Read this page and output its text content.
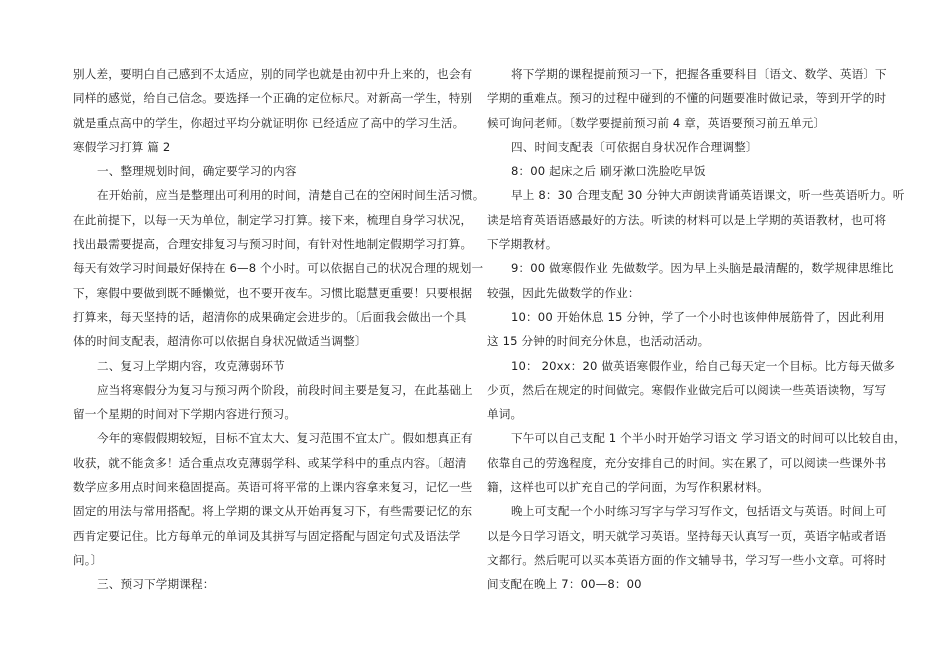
别人差，要明白自己感到不太适应，别的同学也就是由初中升上来的，也会有
同样的感觉，给自己信念。要选择一个正确的定位标尺。对新高一学生，特别
就是重点高中的学生，你超过平均分就证明你 已经适应了高中的学习生活。
寒假学习打算 篇 2
一、整理规划时间，确定要学习的内容
在开始前，应当是整理出可利用的时间，清楚自己在的空闲时间生活习惯。
在此前提下，以每一天为单位，制定学习打算。接下来，梳理自身学习状况，
找出最需要提高，合理安排复习与预习时间，有针对性地制定假期学习打算。
每天有效学习时间最好保持在 6—8 个小时。可以依据自己的状况合理的规划一
下，寒假中要做到既不睡懒觉，也不要开夜车。习惯比聪慧更重要！只要根据
打算来，每天坚持的话，超清你的成果确定会进步的。〔后面我会做出一个具
体的时间支配表，超清你可以依据自身状况做适当调整〕
二、复习上学期内容，攻克薄弱环节
应当将寒假分为复习与预习两个阶段，前段时间主要是复习，在此基础上
留一个星期的时间对下学期内容进行预习。
今年的寒假假期较短，目标不宜太大、复习范围不宜太广。假如想真正有
收获，就不能贪多！适合重点攻克薄弱学科、或某学科中的重点内容。〔超清
数学应多用点时间来稳固提高。英语可将平常的上课内容拿来复习，记忆一些
固定的用法与常用搭配。将上学期的课文从开始再复习下，有些需要记忆的东
西肯定要记住。比方每单元的单词及其拼写与固定搭配与固定句式及语法学
问。〕
三、预习下学期课程：
将下学期的课程提前预习一下，把握各重要科目〔语文、数学、英语〕下
学期的重难点。预习的过程中碰到的不懂的问题要准时做记录，等到开学的时
候可询问老师。〔数学要提前预习前 4 章，英语要预习前五单元〕
四、时间支配表〔可依据自身状况作合理调整〕
8：00 起床之后 刷牙漱口洗脸吃早饭
早上 8：30 合理支配 30 分钟大声朗读背诵英语课文，听一些英语听力。听
读是培育英语语感最好的方法。听读的材料可以是上学期的英语教材，也可将
下学期教材。
9：00 做寒假作业 先做数学。因为早上头脑是最清醒的，数学规律思维比
较强，因此先做数学的作业：
10：00 开始休息 15 分钟，学了一个小时也该伸伸展筋骨了，因此利用
这 15 分钟的时间充分休息，也活动活动。
10： 20xx：20 做英语寒假作业，给自己每天定一个目标。比方每天做多
少页，然后在规定的时间做完。寒假作业做完后可以阅读一些英语读物，写写
单词。
下午可以自己支配 1 个半小时开始学习语文 学习语文的时间可以比较自由，
依靠自己的劳逸程度，充分安排自己的时间。实在累了，可以阅读一些课外书
籍，这样也可以扩充自己的学问面，为写作积累材料。
晚上可支配一个小时练习写字与学习写作文，包括语文与英语。时间上可
以是今日学习语文，明天就学习英语。坚持每天认真写一页，英语字帖或者语
文都行。然后呢可以买本英语方面的作文辅导书，学习写一些小文章。可将时
间支配在晚上 7：00—8：00
